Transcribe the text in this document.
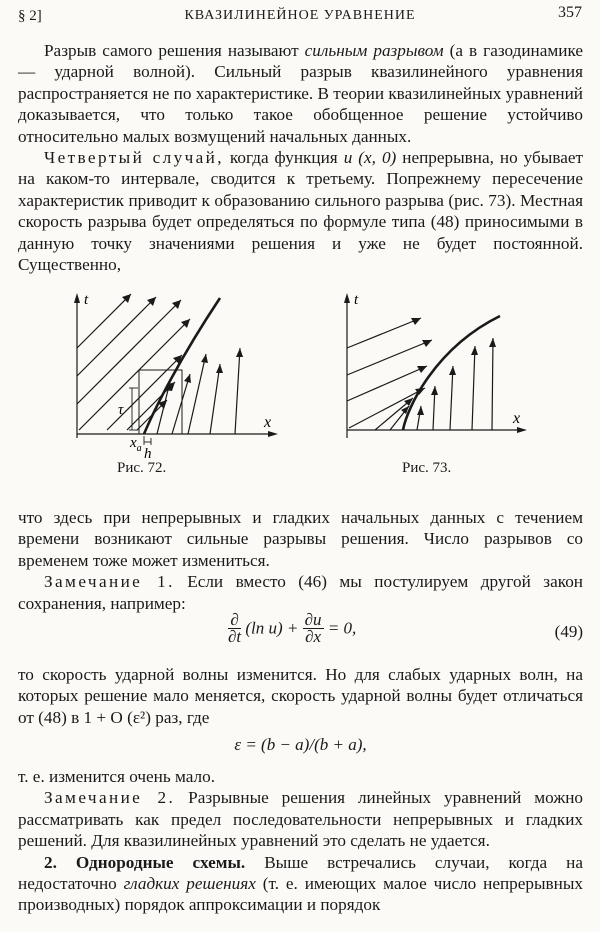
§ 2]	КВАЗИЛИНЕЙНОЕ УРАВНЕНИЕ	357

Разрыв самого решения называют сильным разрывом (а в газодинамике — ударной волной). Сильный разрыв квазилинейного уравнения распространяется не по характеристике. В теории квазилинейных уравнений доказывается, что только такое обобщенное решение устойчиво относительно малых возмущений начальных данных.

Четвертый случай, когда функция u (x, 0) непрерывна, но убывает на каком-то интервале, сводится к третьему. Попрежнему пересечение характеристик приводит к образованию сильного разрыва (рис. 73). Местная скорость разрыва будет определяться по формуле типа (48) приносимыми в данную точку значениями решения и уже не будет постоянной. Существенно,

t
x
τ
$x_a$ h
Рис. 72.
t
x
Рис. 73.

что здесь при непрерывных и гладких начальных данных с течением времени возникают сильные разрывы решения. Число разрывов со временем тоже может измениться.

Замечание 1. Если вместо (46) мы постулируем другой закон сохранения, например:

$\frac{\partial}{\partial t} (\ln$ $u) + \frac{\partial u}{\partial x} = 0$,	(49)

то скорость ударной волны изменится. Но для слабых ударных волн, на которых решение мало меняется, скорость ударной волны будет отличаться от (48) в 1 + O (ε²) раз, где

ε = (b − a)/(b + a),

т. е. изменится очень мало.

Замечание 2. Разрывные решения линейных уравнений можно рассматривать как предел последовательности непрерывных и гладких решений. Для квазилинейных уравнений это сделать не удается.

2. Однородные схемы. Выше встречались случаи, когда на недостаточно гладких решениях (т. е. имеющих малое число непрерывных производных) порядок аппроксимации и порядок
